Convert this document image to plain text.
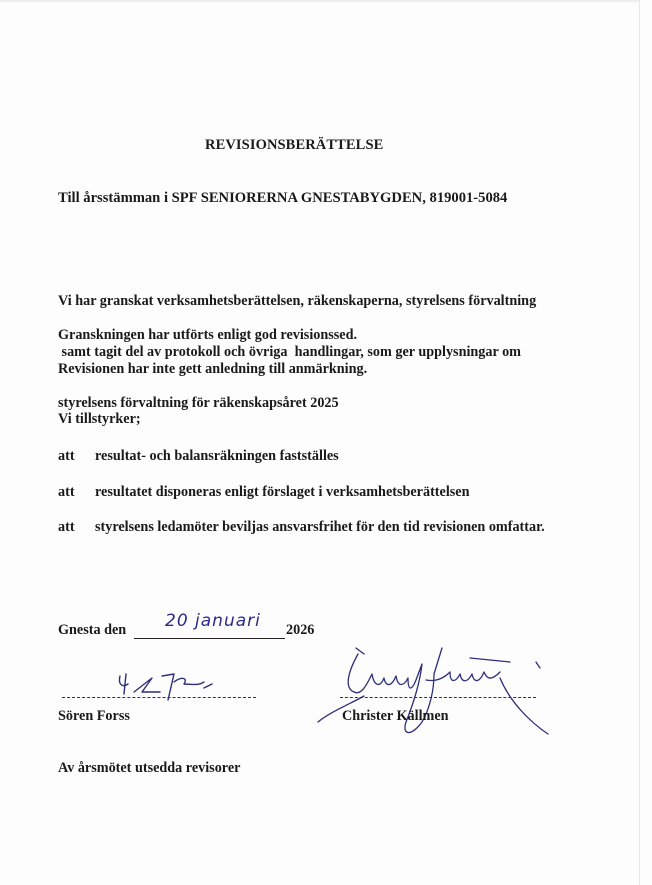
REVISIONSBERÄTTELSE
Till årsstämman i SPF SENIORERNA GNESTABYGDEN, 819001-5084

Vi har granskat verksamhetsberättelsen, räkenskaperna, styrelsens förvaltning

samt tagit del av protokoll och övriga  handlingar, som ger upplysningar om

styrelsens förvaltning för räkenskapsåret 2025

Granskningen har utförts enligt god revisionssed.
Revisionen har inte gett anledning till anmärkning.
Vi tillstyrker;
att resultat- och balansräkningen fastställes
att resultatet disponeras enligt förslaget i verksamhetsberättelsen
att styrelsens ledamöter beviljas ansvarsfrihet för den tid revisionen omfattar.
Gnesta den 20 januari 2026
Sören Forss	Christer Källmen
Av årsmötet utsedda revisorer
